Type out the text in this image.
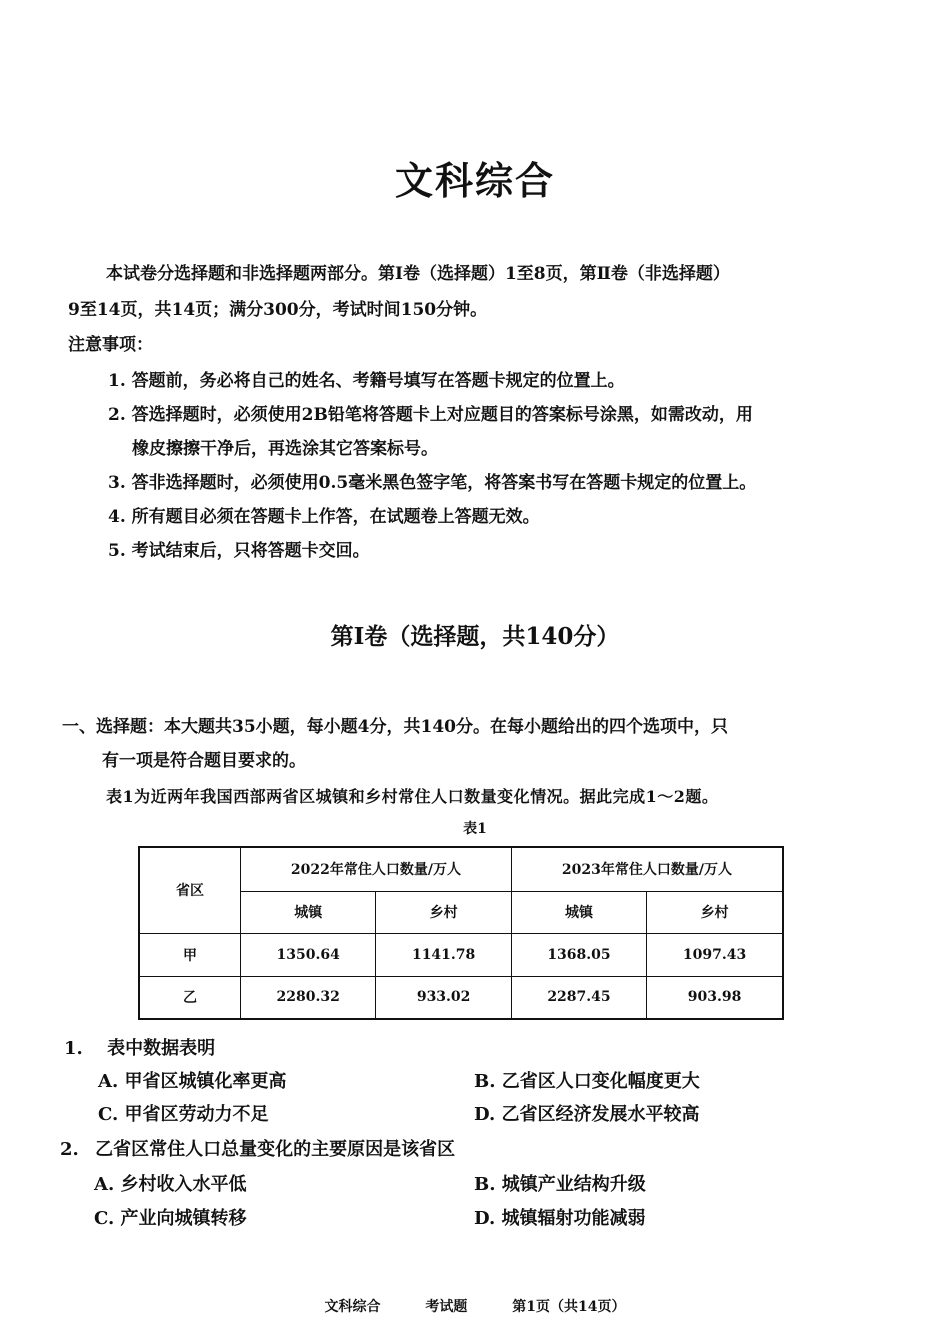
文科综合
本试卷分选择题和非选择题两部分。第Ⅰ卷（选择题）1至8页，第Ⅱ卷（非选择题）
9至14页，共14页；满分300分，考试时间150分钟。
注意事项：
1. 答题前，务必将自己的姓名、考籍号填写在答题卡规定的位置上。
2. 答选择题时，必须使用2B铅笔将答题卡上对应题目的答案标号涂黑，如需改动，用
橡皮擦擦干净后，再选涂其它答案标号。
3. 答非选择题时，必须使用0.5毫米黑色签字笔，将答案书写在答题卡规定的位置上。
4. 所有题目必须在答题卡上作答，在试题卷上答题无效。
5. 考试结束后，只将答题卡交回。
第Ⅰ卷（选择题，共140分）
一、选择题：本大题共35小题，每小题4分，共140分。在每小题给出的四个选项中，只
有一项是符合题目要求的。
表1为近两年我国西部两省区城镇和乡村常住人口数量变化情况。据此完成1～2题。
表1
省区	2022年常住人口数量/万人		2023年常住人口数量/万人	
	城镇	乡村	城镇	乡村
甲	1350.64	1141.78	1368.05	1097.43
乙	2280.32	933.02	2287.45	903.98
1. 表中数据表明
A. 甲省区城镇化率更高	B. 乙省区人口变化幅度更大
C. 甲省区劳动力不足	D. 乙省区经济发展水平较高
2. 乙省区常住人口总量变化的主要原因是该省区
A. 乡村收入水平低	B. 城镇产业结构升级
C. 产业向城镇转移	D. 城镇辐射功能减弱
文科综合	考试题	第1页（共14页）
